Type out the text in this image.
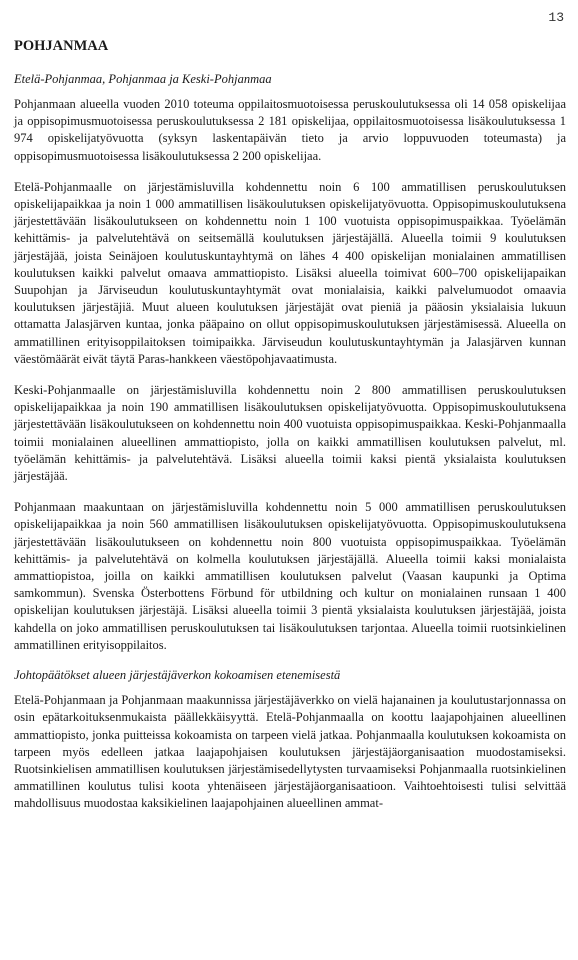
13
POHJANMAA
Etelä-Pohjanmaa, Pohjanmaa ja Keski-Pohjanmaa

Pohjanmaan alueella vuoden 2010 toteuma oppilaitosmuotoisessa peruskoulutuksessa oli 14 058 opiskelijaa ja oppisopimusmuotoisessa peruskoulutuksessa 2 181 opiskelijaa, oppilaitosmuotoisessa lisäkoulutuksessa 1 974 opiskelijatyövuotta (syksyn laskentapäivän tieto ja arvio loppuvuoden toteumasta) ja oppisopimusmuotoisessa lisäkoulutuksessa 2 200 opiskelijaa.

Etelä-Pohjanmaalle on järjestämisluvilla kohdennettu noin 6 100 ammatillisen peruskoulutuksen opiskelijapaikkaa ja noin 1 000 ammatillisen lisäkoulutuksen opiskelijatyövuotta. Oppisopimuskoulutuksena järjestettävään lisäkoulutukseen on kohdennettu noin 1 100 vuotuista oppisopimuspaikkaa. Työelämän kehittämis- ja palvelutehtävä on seitsemällä koulutuksen järjestäjällä. Alueella toimii 9 koulutuksen järjestäjää, joista Seinäjoen koulutuskuntayhtymä on lähes 4 400 opiskelijan monialainen ammatillisen koulutuksen kaikki palvelut omaava ammattiopisto. Lisäksi alueella toimivat 600–700 opiskelijapaikan Suupohjan ja Järviseudun koulutuskuntayhtymät ovat monialaisia, kaikki palvelumuodot omaavia koulutuksen järjestäjiä. Muut alueen koulutuksen järjestäjät ovat pieniä ja pääosin yksialaisia lukuun ottamatta Jalasjärven kuntaa, jonka pääpaino on ollut oppisopimuskoulutuksen järjestämisessä. Alueella on ammatillinen erityisoppilaitoksen toimipaikka. Järviseudun koulutuskuntayhtymän ja Jalasjärven kunnan väestömäärät eivät täytä Paras-hankkeen väestöpohjavaatimusta.

Keski-Pohjanmaalle on järjestämisluvilla kohdennettu noin 2 800 ammatillisen peruskoulutuksen opiskelijapaikkaa ja noin 190 ammatillisen lisäkoulutuksen opiskelijatyövuotta. Oppisopimuskoulutuksena järjestettävään lisäkoulutukseen on kohdennettu noin 400 vuotuista oppisopimuspaikkaa. Keski-Pohjanmaalla toimii monialainen alueellinen ammattiopisto, jolla on kaikki ammatillisen koulutuksen palvelut, ml. työelämän kehittämis- ja palvelutehtävä. Lisäksi alueella toimii kaksi pientä yksialaista koulutuksen järjestäjää.

Pohjanmaan maakuntaan on järjestämisluvilla kohdennettu noin 5 000 ammatillisen peruskoulutuksen opiskelijapaikkaa ja noin 560 ammatillisen lisäkoulutuksen opiskelijatyövuotta. Oppisopimuskoulutuksena järjestettävään lisäkoulutukseen on kohdennettu noin 800 vuotuista oppisopimuspaikkaa. Työelämän kehittämis- ja palvelutehtävä on kolmella koulutuksen järjestäjällä. Alueella toimii kaksi monialaista ammattiopistoa, joilla on kaikki ammatillisen koulutuksen palvelut (Vaasan kaupunki ja Optima samkommun). Svenska Österbottens Förbund för utbildning och kultur on monialainen runsaan 1 400 opiskelijan koulutuksen järjestäjä. Lisäksi alueella toimii 3 pientä yksialaista koulutuksen järjestäjää, joista kahdella on joko ammatillisen peruskoulutuksen tai lisäkoulutuksen tarjontaa. Alueella toimii ruotsinkielinen ammatillinen erityisoppilaitos.

Johtopäätökset alueen järjestäjäverkon kokoamisen etenemisestä

Etelä-Pohjanmaan ja Pohjanmaan maakunnissa järjestäjäverkko on vielä hajanainen ja koulutustarjonnassa on osin epätarkoituksenmukaista päällekkäisyyttä. Etelä-Pohjanmaalla on koottu laajapohjainen alueellinen ammattiopisto, jonka puitteissa kokoamista on tarpeen vielä jatkaa. Pohjanmaalla koulutuksen kokoamista on tarpeen myös edelleen jatkaa laajapohjaisen koulutuksen järjestäjäorganisaation muodostamiseksi. Ruotsinkielisen ammatillisen koulutuksen järjestämisedellytysten turvaamiseksi Pohjanmaalla ruotsinkielinen ammatillinen koulutus tulisi koota yhtenäiseen järjestäjäorganisaatioon. Vaihtoehtoisesti tulisi selvittää mahdollisuus muodostaa kaksikielinen laajapohjainen alueellinen ammat-
